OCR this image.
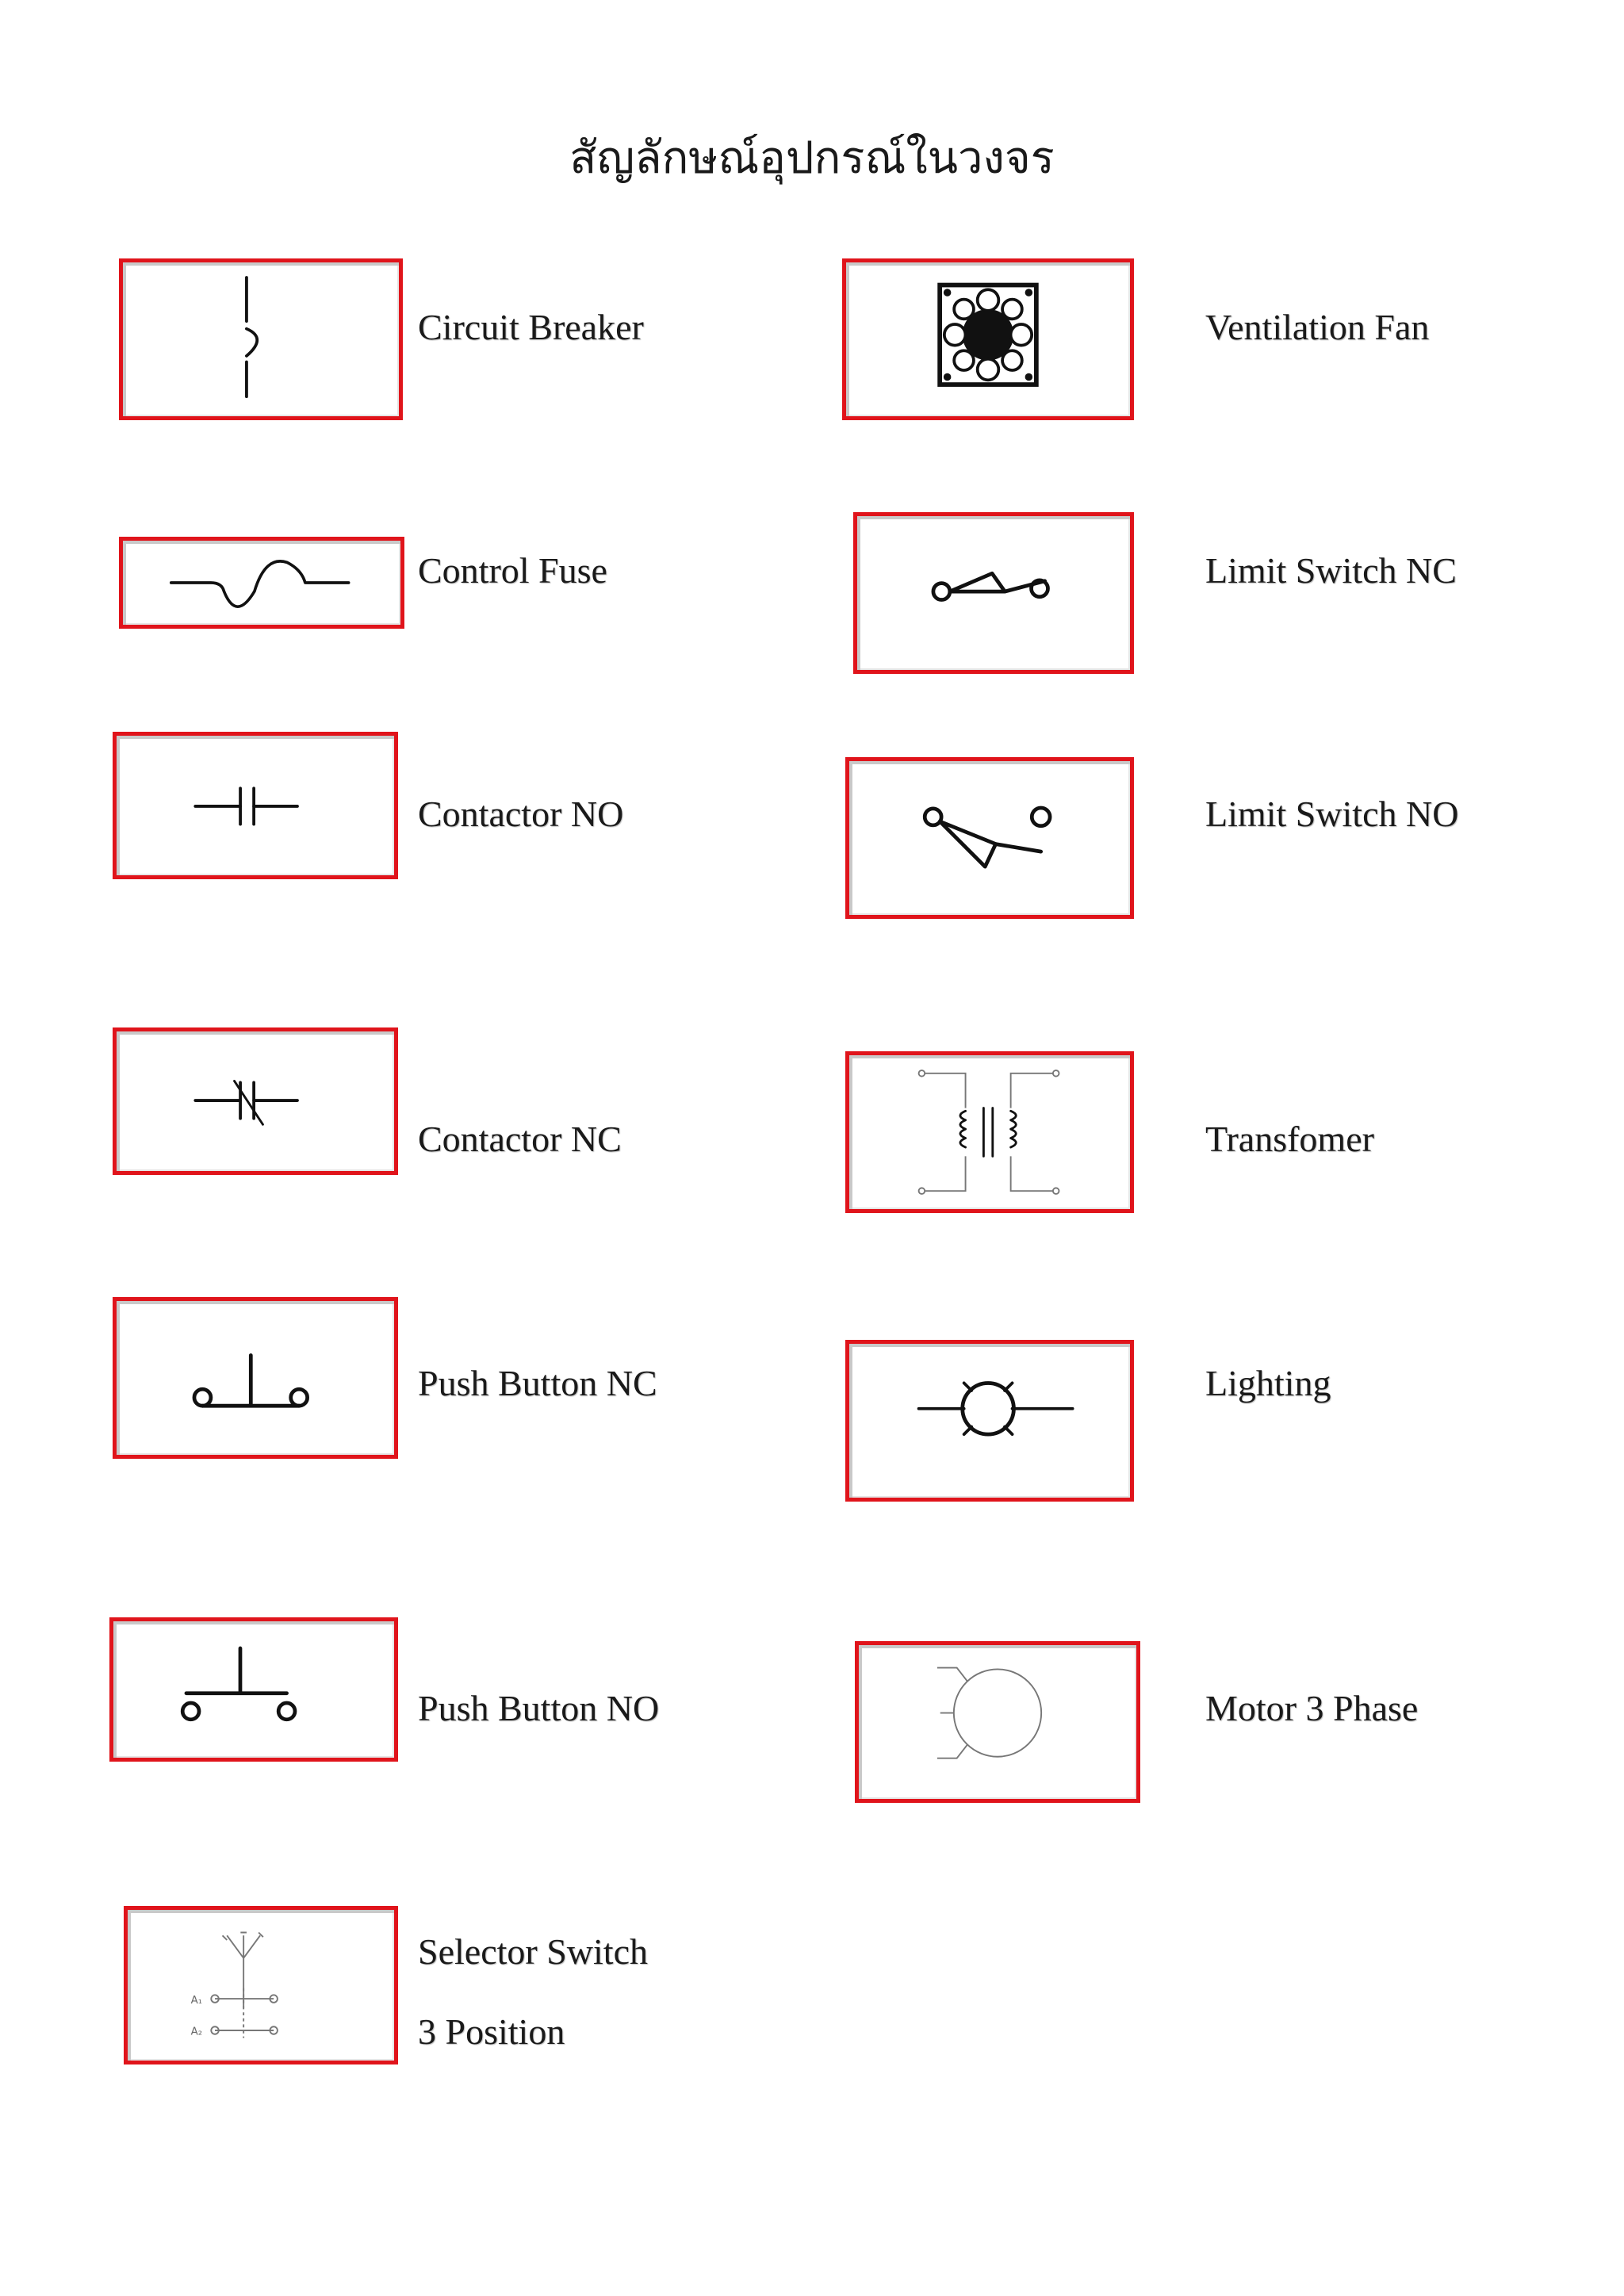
สัญลักษณ์อุปกรณ์ในวงจร
Circuit Breaker	Ventilation Fan
Control Fuse	Limit Switch NC
Contactor NO	Limit Switch NO
Contactor NC	Transfomer
Push Button NC	Lighting
Push Button NO	Motor 3 Phase
A₁
A₂
Selector Switch
3 Position
